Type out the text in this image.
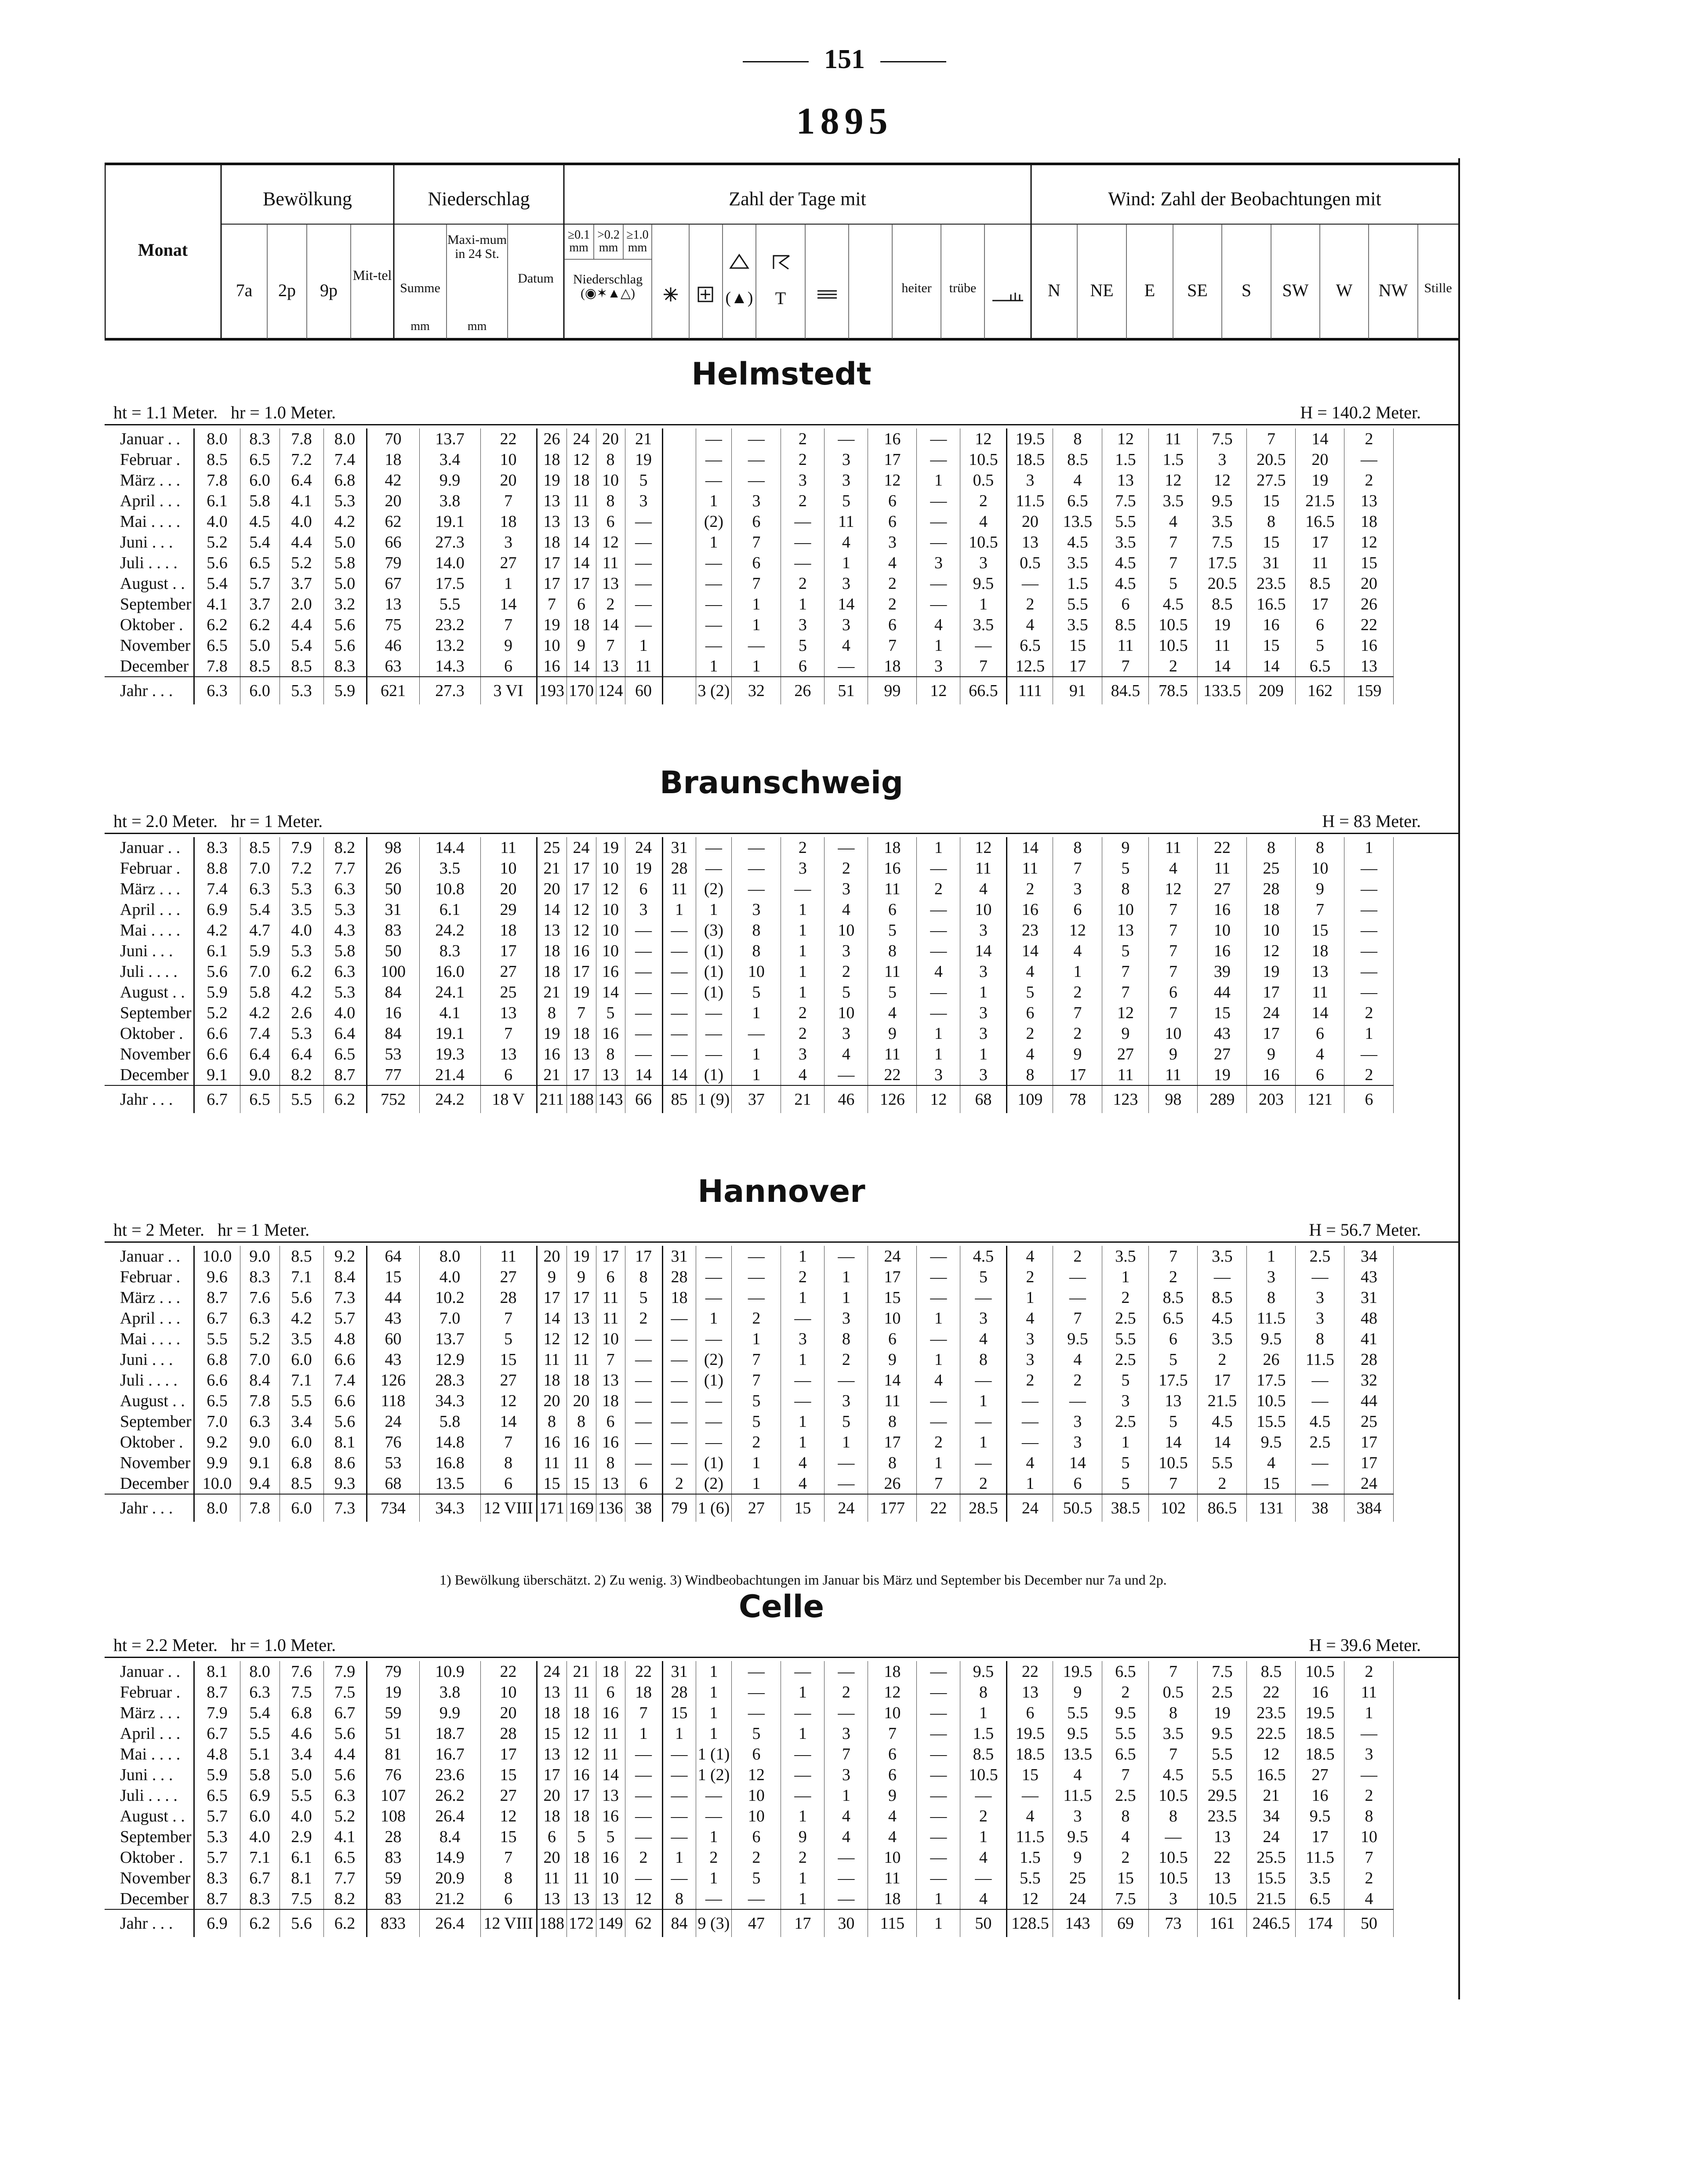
151
1895
(▲) T
Monat
Bewölkung
7a	2p	9p
Mit-tel
Niederschlag
Summe
Maxi-mum in 24 St.
Datum
mm	mm
Zahl der Tage mit
≥0.1 mm
>0.2 mm
≥1.0 mm
Niederschlag (◉✶▲△)	heiter	trübe
Wind: Zahl der Beobachtungen mit
N	NE	E	SE	S	SW	W	NW	Stille
Helmstedt
ht = 1.1 Meter. hr = 1.0 Meter.	H = 140.2 Meter.
Januar . .	8.0	8.3	7.8	8.0	70	13.7	22	26	24	20	21		—	—	2	—	16	—	12	19.5	8	12	11	7.5	7	14	2
Februar .	8.5	6.5	7.2	7.4	18	3.4	10	18	12	8	19		—	—	2	3	17	—	10.5	18.5	8.5	1.5	1.5	3	20.5	20	—
März . . .	7.8	6.0	6.4	6.8	42	9.9	20	19	18	10	5		—	—	3	3	12	1	0.5	3	4	13	12	12	27.5	19	2
April . . .	6.1	5.8	4.1	5.3	20	3.8	7	13	11	8	3		1	3	2	5	6	—	2	11.5	6.5	7.5	3.5	9.5	15	21.5	13
Mai . . . .	4.0	4.5	4.0	4.2	62	19.1	18	13	13	6	—		(2)	6	—	11	6	—	4	20	13.5	5.5	4	3.5	8	16.5	18
Juni . . .	5.2	5.4	4.4	5.0	66	27.3	3	18	14	12	—		1	7	—	4	3	—	10.5	13	4.5	3.5	7	7.5	15	17	12
Juli . . . .	5.6	6.5	5.2	5.8	79	14.0	27	17	14	11	—		—	6	—	1	4	3	3	0.5	3.5	4.5	7	17.5	31	11	15
August . .	5.4	5.7	3.7	5.0	67	17.5	1	17	17	13	—		—	7	2	3	2	—	9.5	—	1.5	4.5	5	20.5	23.5	8.5	20
September	4.1	3.7	2.0	3.2	13	5.5	14	7	6	2	—		—	1	1	14	2	—	1	2	5.5	6	4.5	8.5	16.5	17	26
Oktober .	6.2	6.2	4.4	5.6	75	23.2	7	19	18	14	—		—	1	3	3	6	4	3.5	4	3.5	8.5	10.5	19	16	6	22
November	6.5	5.0	5.4	5.6	46	13.2	9	10	9	7	1		—	—	5	4	7	1	—	6.5	15	11	10.5	11	15	5	16
December	7.8	8.5	8.5	8.3	63	14.3	6	16	14	13	11		1	1	6	—	18	3	7	12.5	17	7	2	14	14	6.5	13
Jahr . . .	6.3	6.0	5.3	5.9	621	27.3	3 VI	193	170	124	60		3 (2)	32	26	51	99	12	66.5	111	91	84.5	78.5	133.5	209	162	159
Braunschweig
ht = 2.0 Meter. hr = 1 Meter.	H = 83 Meter.
Januar . .	8.3	8.5	7.9	8.2	98	14.4	11	25	24	19	24	31	—	—	2	—	18	1	12	14	8	9	11	22	8	8	1
Februar .	8.8	7.0	7.2	7.7	26	3.5	10	21	17	10	19	28	—	—	3	2	16	—	11	11	7	5	4	11	25	10	—
März . . .	7.4	6.3	5.3	6.3	50	10.8	20	20	17	12	6	11	(2)	—	—	3	11	2	4	2	3	8	12	27	28	9	—
April . . .	6.9	5.4	3.5	5.3	31	6.1	29	14	12	10	3	1	1	3	1	4	6	—	10	16	6	10	7	16	18	7	—
Mai . . . .	4.2	4.7	4.0	4.3	83	24.2	18	13	12	10	—	—	(3)	8	1	10	5	—	3	23	12	13	7	10	10	15	—
Juni . . .	6.1	5.9	5.3	5.8	50	8.3	17	18	16	10	—	—	(1)	8	1	3	8	—	14	14	4	5	7	16	12	18	—
Juli . . . .	5.6	7.0	6.2	6.3	100	16.0	27	18	17	16	—	—	(1)	10	1	2	11	4	3	4	1	7	7	39	19	13	—
August . .	5.9	5.8	4.2	5.3	84	24.1	25	21	19	14	—	—	(1)	5	1	5	5	—	1	5	2	7	6	44	17	11	—
September	5.2	4.2	2.6	4.0	16	4.1	13	8	7	5	—	—	—	1	2	10	4	—	3	6	7	12	7	15	24	14	2
Oktober .	6.6	7.4	5.3	6.4	84	19.1	7	19	18	16	—	—	—	—	2	3	9	1	3	2	2	9	10	43	17	6	1
November	6.6	6.4	6.4	6.5	53	19.3	13	16	13	8	—	—	—	1	3	4	11	1	1	4	9	27	9	27	9	4	—
December	9.1	9.0	8.2	8.7	77	21.4	6	21	17	13	14	14	(1)	1	4	—	22	3	3	8	17	11	11	19	16	6	2
Jahr . . .	6.7	6.5	5.5	6.2	752	24.2	18 V	211	188	143	66	85	1 (9)	37	21	46	126	12	68	109	78	123	98	289	203	121	6
Hannover
ht = 2 Meter. hr = 1 Meter.	H = 56.7 Meter.
Januar . .	10.0	9.0	8.5	9.2	64	8.0	11	20	19	17	17	31	—	—	1	—	24	—	4.5	4	2	3.5	7	3.5	1	2.5	34
Februar .	9.6	8.3	7.1	8.4	15	4.0	27	9	9	6	8	28	—	—	2	1	17	—	5	2	—	1	2	—	3	—	43
März . . .	8.7	7.6	5.6	7.3	44	10.2	28	17	17	11	5	18	—	—	1	1	15	—	—	1	—	2	8.5	8.5	8	3	31
April . . .	6.7	6.3	4.2	5.7	43	7.0	7	14	13	11	2	—	1	2	—	3	10	1	3	4	7	2.5	6.5	4.5	11.5	3	48
Mai . . . .	5.5	5.2	3.5	4.8	60	13.7	5	12	12	10	—	—	—	1	3	8	6	—	4	3	9.5	5.5	6	3.5	9.5	8	41
Juni . . .	6.8	7.0	6.0	6.6	43	12.9	15	11	11	7	—	—	(2)	7	1	2	9	1	8	3	4	2.5	5	2	26	11.5	28
Juli . . . .	6.6	8.4	7.1	7.4	126	28.3	27	18	18	13	—	—	(1)	7	—	—	14	4	—	2	2	5	17.5	17	17.5	—	32
August . .	6.5	7.8	5.5	6.6	118	34.3	12	20	20	18	—	—	—	5	—	3	11	—	1	—	—	3	13	21.5	10.5	—	44
September	7.0	6.3	3.4	5.6	24	5.8	14	8	8	6	—	—	—	5	1	5	8	—	—	—	3	2.5	5	4.5	15.5	4.5	25
Oktober .	9.2	9.0	6.0	8.1	76	14.8	7	16	16	16	—	—	—	2	1	1	17	2	1	—	3	1	14	14	9.5	2.5	17
November	9.9	9.1	6.8	8.6	53	16.8	8	11	11	8	—	—	(1)	1	4	—	8	1	—	4	14	5	10.5	5.5	4	—	17
December	10.0	9.4	8.5	9.3	68	13.5	6	15	15	13	6	2	(2)	1	4	—	26	7	2	1	6	5	7	2	15	—	24
Jahr . . .	8.0	7.8	6.0	7.3	734	34.3	12 VIII	171	169	136	38	79	1 (6)	27	15	24	177	22	28.5	24	50.5	38.5	102	86.5	131	38	384
Celle
ht = 2.2 Meter. hr = 1.0 Meter.	H = 39.6 Meter.
Januar . .	8.1	8.0	7.6	7.9	79	10.9	22	24	21	18	22	31	1	—	—	—	18	—	9.5	22	19.5	6.5	7	7.5	8.5	10.5	2
Februar .	8.7	6.3	7.5	7.5	19	3.8	10	13	11	6	18	28	1	—	1	2	12	—	8	13	9	2	0.5	2.5	22	16	11
März . . .	7.9	5.4	6.8	6.7	59	9.9	20	18	18	16	7	15	1	—	—	—	10	—	1	6	5.5	9.5	8	19	23.5	19.5	1
April . . .	6.7	5.5	4.6	5.6	51	18.7	28	15	12	11	1	1	1	5	1	3	7	—	1.5	19.5	9.5	5.5	3.5	9.5	22.5	18.5	—
Mai . . . .	4.8	5.1	3.4	4.4	81	16.7	17	13	12	11	—	—	1 (1)	6	—	7	6	—	8.5	18.5	13.5	6.5	7	5.5	12	18.5	3
Juni . . .	5.9	5.8	5.0	5.6	76	23.6	15	17	16	14	—	—	1 (2)	12	—	3	6	—	10.5	15	4	7	4.5	5.5	16.5	27	—
Juli . . . .	6.5	6.9	5.5	6.3	107	26.2	27	20	17	13	—	—	—	10	—	1	9	—	—	—	11.5	2.5	10.5	29.5	21	16	2
August . .	5.7	6.0	4.0	5.2	108	26.4	12	18	18	16	—	—	—	10	1	4	4	—	2	4	3	8	8	23.5	34	9.5	8
September	5.3	4.0	2.9	4.1	28	8.4	15	6	5	5	—	—	1	6	9	4	4	—	1	11.5	9.5	4	—	13	24	17	10
Oktober .	5.7	7.1	6.1	6.5	83	14.9	7	20	18	16	2	1	2	2	2	—	10	—	4	1.5	9	2	10.5	22	25.5	11.5	7
November	8.3	6.7	8.1	7.7	59	20.9	8	11	11	10	—	—	1	5	1	—	11	—	—	5.5	25	15	10.5	13	15.5	3.5	2
December	8.7	8.3	7.5	8.2	83	21.2	6	13	13	13	12	8	—	—	1	—	18	1	4	12	24	7.5	3	10.5	21.5	6.5	4
Jahr . . .	6.9	6.2	5.6	6.2	833	26.4	12 VIII	188	172	149	62	84	9 (3)	47	17	30	115	1	50	128.5	143	69	73	161	246.5	174	50
1) Bewölkung überschätzt. 2) Zu wenig. 3) Windbeobachtungen im Januar bis März und September bis December nur 7a und 2p.
